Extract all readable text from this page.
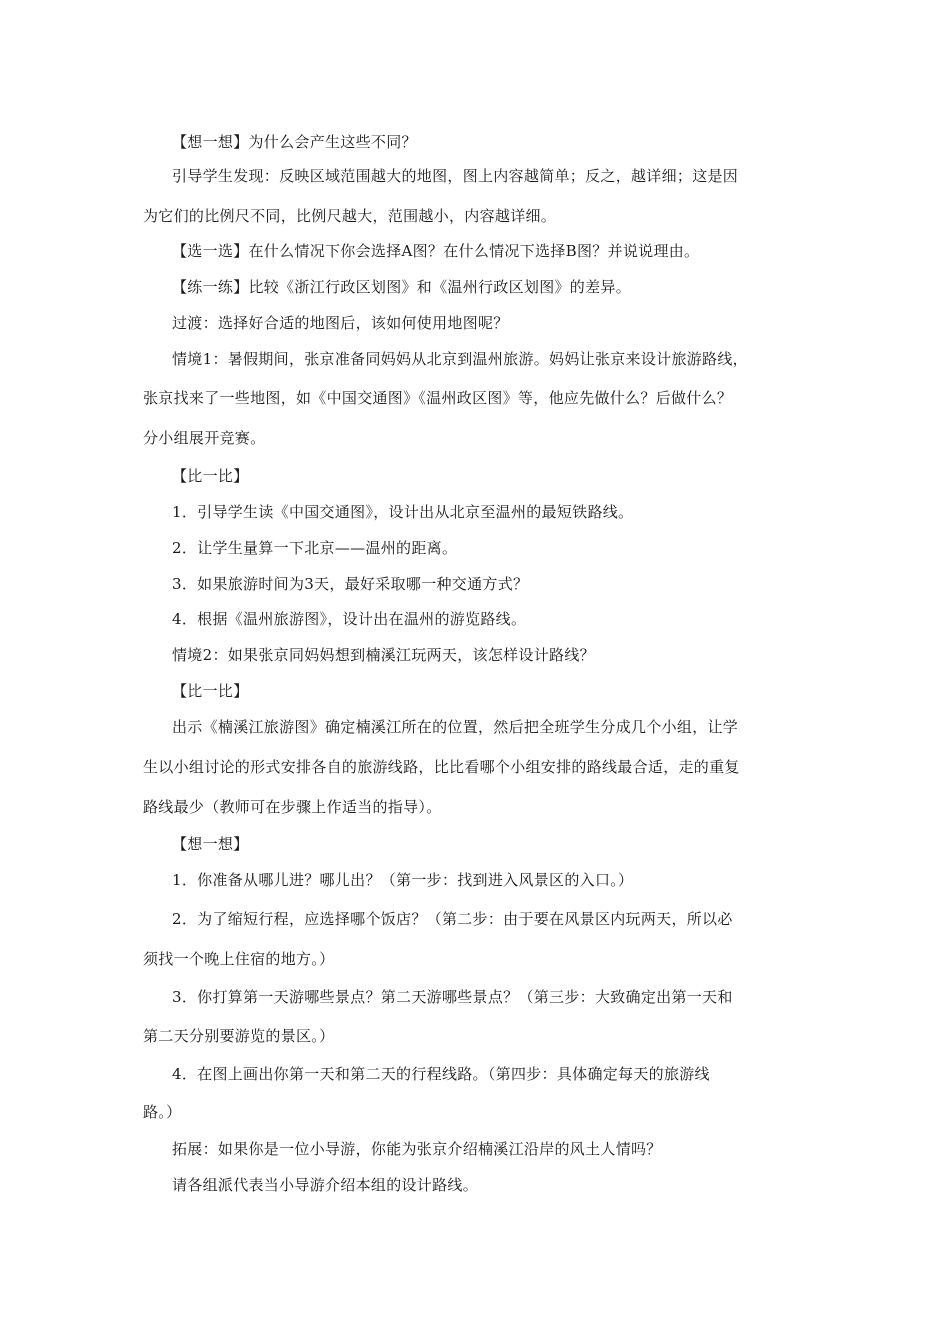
【想一想】为什么会产生这些不同？
引导学生发现：反映区域范围越大的地图，图上内容越简单；反之，越详细；这是因
为它们的比例尺不同，比例尺越大，范围越小，内容越详细。
【选一选】在什么情况下你会选择A图？在什么情况下选择B图？并说说理由。
【练一练】比较《浙江行政区划图》和《温州行政区划图》的差异。
过渡：选择好合适的地图后，该如何使用地图呢？
情境1：暑假期间，张京准备同妈妈从北京到温州旅游。妈妈让张京来设计旅游路线，
张京找来了一些地图，如《中国交通图》《温州政区图》等，他应先做什么？后做什么？
分小组展开竞赛。
【比一比】
1．引导学生读《中国交通图》，设计出从北京至温州的最短铁路线。
2．让学生量算一下北京——温州的距离。
3．如果旅游时间为3天，最好采取哪一种交通方式？
4．根据《温州旅游图》，设计出在温州的游览路线。
情境2：如果张京同妈妈想到楠溪江玩两天，该怎样设计路线？
【比一比】
出示《楠溪江旅游图》确定楠溪江所在的位置，然后把全班学生分成几个小组，让学
生以小组讨论的形式安排各自的旅游线路，比比看哪个小组安排的路线最合适，走的重复
路线最少（教师可在步骤上作适当的指导）。
【想一想】
1．你准备从哪儿进？哪儿出？（第一步：找到进入风景区的入口。）
2．为了缩短行程，应选择哪个饭店？（第二步：由于要在风景区内玩两天，所以必
须找一个晚上住宿的地方。）
3．你打算第一天游哪些景点？第二天游哪些景点？（第三步：大致确定出第一天和
第二天分别要游览的景区。）
4．在图上画出你第一天和第二天的行程线路。（第四步：具体确定每天的旅游线
路。）
拓展：如果你是一位小导游，你能为张京介绍楠溪江沿岸的风土人情吗？
请各组派代表当小导游介绍本组的设计路线。
